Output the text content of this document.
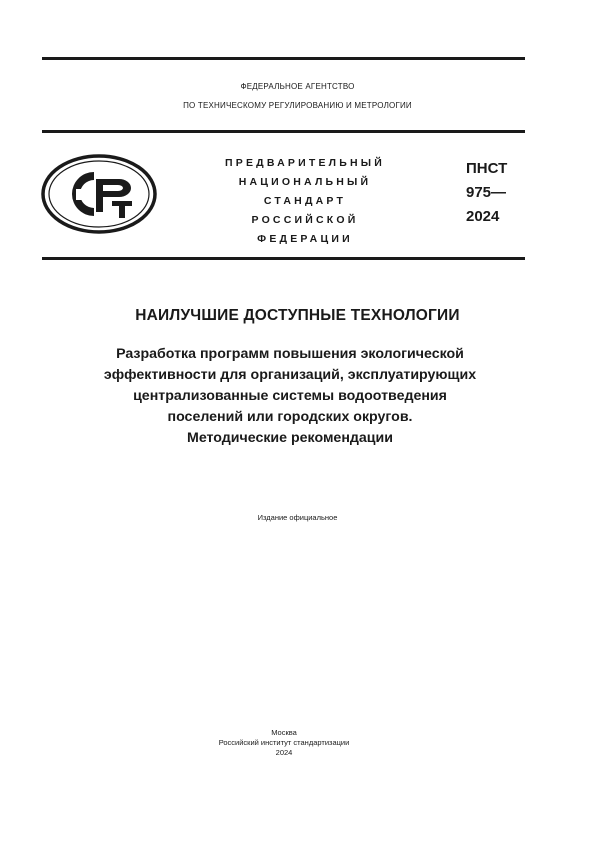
ФЕДЕРАЛЬНОЕ АГЕНТСТВО
ПО ТЕХНИЧЕСКОМУ РЕГУЛИРОВАНИЮ И МЕТРОЛОГИИ
ПРЕДВАРИТЕЛЬНЫЙ
НАЦИОНАЛЬНЫЙ
СТАНДАРТ
РОССИЙСКОЙ
ФЕДЕРАЦИИ
ПНСТ
975—
2024
НАИЛУЧШИЕ ДОСТУПНЫЕ ТЕХНОЛОГИИ
Разработка программ повышения экологической
эффективности для организаций, эксплуатирующих
централизованные системы водоотведения
поселений или городских округов.
Методические рекомендации
Издание официальное
Москва
Российский институт стандартизации
2024
